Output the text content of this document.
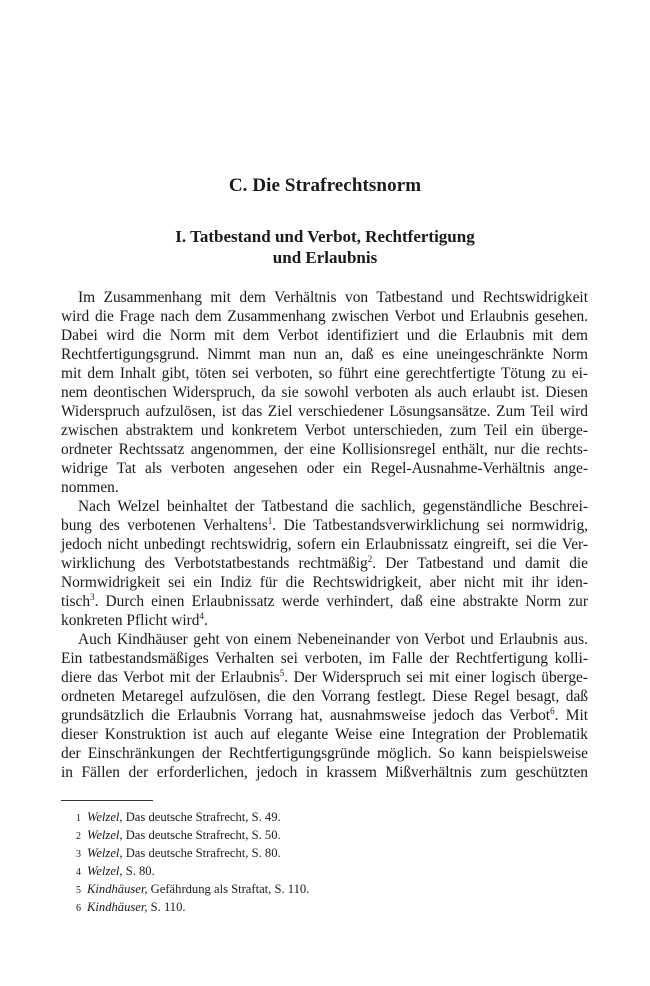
C. Die Strafrechtsnorm
I. Tatbestand und Verbot, Rechtfertigung
und Erlaubnis
Im Zusammenhang mit dem Verhältnis von Tatbestand und Rechtswidrigkeit
wird die Frage nach dem Zusammenhang zwischen Verbot und Erlaubnis gesehen.
Dabei wird die Norm mit dem Verbot identifiziert und die Erlaubnis mit dem
Rechtfertigungsgrund. Nimmt man nun an, daß es eine uneingeschränkte Norm
mit dem Inhalt gibt, töten sei verboten, so führt eine gerechtfertigte Tötung zu ei-
nem deontischen Widerspruch, da sie sowohl verboten als auch erlaubt ist. Diesen
Widerspruch aufzulösen, ist das Ziel verschiedener Lösungsansätze. Zum Teil wird
zwischen abstraktem und konkretem Verbot unterschieden, zum Teil ein überge-
ordneter Rechtssatz angenommen, der eine Kollisionsregel enthält, nur die rechts-
widrige Tat als verboten angesehen oder ein Regel-Ausnahme-Verhältnis ange-
nommen.
Nach Welzel beinhaltet der Tatbestand die sachlich, gegenständliche Beschrei-
bung des verbotenen Verhaltens$^1$. Die Tatbestandsverwirklichung sei normwidrig,
jedoch nicht unbedingt rechtswidrig, sofern ein Erlaubnissatz eingreift, sei die Ver-
wirklichung des Verbotstatbestands rechtmäßig$^2$. Der Tatbestand und damit die
Normwidrigkeit sei ein Indiz für die Rechtswidrigkeit, aber nicht mit ihr iden-
tisch$^3$. Durch einen Erlaubnissatz werde verhindert, daß eine abstrakte Norm zur
konkreten Pflicht wird$^4$.
Auch Kindhäuser geht von einem Nebeneinander von Verbot und Erlaubnis aus.
Ein tatbestandsmäßiges Verhalten sei verboten, im Falle der Rechtfertigung kolli-
diere das Verbot mit der Erlaubnis$^5$. Der Widerspruch sei mit einer logisch überge-
ordneten Metaregel aufzulösen, die den Vorrang festlegt. Diese Regel besagt, daß
grundsätzlich die Erlaubnis Vorrang hat, ausnahmsweise jedoch das Verbot$^6$. Mit
dieser Konstruktion ist auch auf elegante Weise eine Integration der Problematik
der Einschränkungen der Rechtfertigungsgründe möglich. So kann beispielsweise
in Fällen der erforderlichen, jedoch in krassem Mißverhältnis zum geschützten
1 Welzel, Das deutsche Strafrecht, S. 49.
2 Welzel, Das deutsche Strafrecht, S. 50.
3 Welzel, Das deutsche Strafrecht, S. 80.
4 Welzel, S. 80.
5 Kindhäuser, Gefährdung als Straftat, S. 110.
6 Kindhäuser, S. 110.
